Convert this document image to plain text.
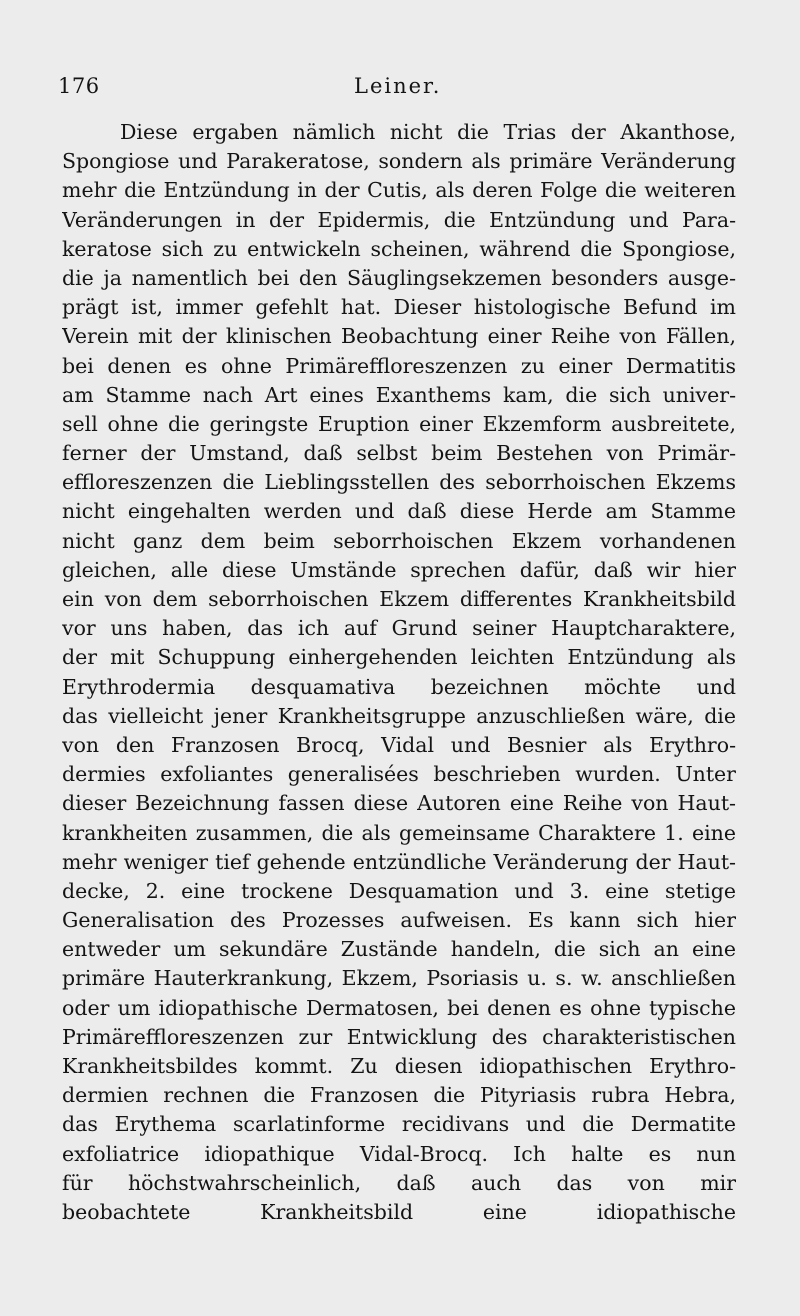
176	Leiner.
Diese ergaben nämlich nicht die Trias der Akanthose,
Spongiose und Parakeratose, sondern als primäre Veränderung
mehr die Entzündung in der Cutis, als deren Folge die weiteren
Veränderungen in der Epidermis, die Entzündung und Para-
keratose sich zu entwickeln scheinen, während die Spongiose,
die ja namentlich bei den Säuglingsekzemen besonders ausge-
prägt ist, immer gefehlt hat. Dieser histologische Befund im
Verein mit der klinischen Beobachtung einer Reihe von Fällen,
bei denen es ohne Primäreffloreszenzen zu einer Dermatitis
am Stamme nach Art eines Exanthems kam, die sich univer-
sell ohne die geringste Eruption einer Ekzemform ausbreitete,
ferner der Umstand, daß selbst beim Bestehen von Primär-
effloreszenzen die Lieblingsstellen des seborrhoischen Ekzems
nicht eingehalten werden und daß diese Herde am Stamme
nicht ganz dem beim seborrhoischen Ekzem vorhandenen
gleichen, alle diese Umstände sprechen dafür, daß wir hier
ein von dem seborrhoischen Ekzem differentes Krankheitsbild
vor uns haben, das ich auf Grund seiner Hauptcharaktere,
der mit Schuppung einhergehenden leichten Entzündung als
Erythrodermia desquamativa bezeichnen möchte und
das vielleicht jener Krankheitsgruppe anzuschließen wäre, die
von den Franzosen Brocq, Vidal und Besnier als Erythro-
dermies exfoliantes generalisées beschrieben wurden. Unter
dieser Bezeichnung fassen diese Autoren eine Reihe von Haut-
krankheiten zusammen, die als gemeinsame Charaktere 1. eine
mehr weniger tief gehende entzündliche Veränderung der Haut-
decke, 2. eine trockene Desquamation und 3. eine stetige
Generalisation des Prozesses aufweisen. Es kann sich hier
entweder um sekundäre Zustände handeln, die sich an eine
primäre Hauterkrankung, Ekzem, Psoriasis u. s. w. anschließen
oder um idiopathische Dermatosen, bei denen es ohne typische
Primäreffloreszenzen zur Entwicklung des charakteristischen
Krankheitsbildes kommt. Zu diesen idiopathischen Erythro-
dermien rechnen die Franzosen die Pityriasis rubra Hebra,
das Erythema scarlatinforme recidivans und die Dermatite
exfoliatrice idiopathique Vidal-Brocq. Ich halte es nun
für höchstwahrscheinlich, daß auch das von mir
beobachtete Krankheitsbild eine idiopathische
